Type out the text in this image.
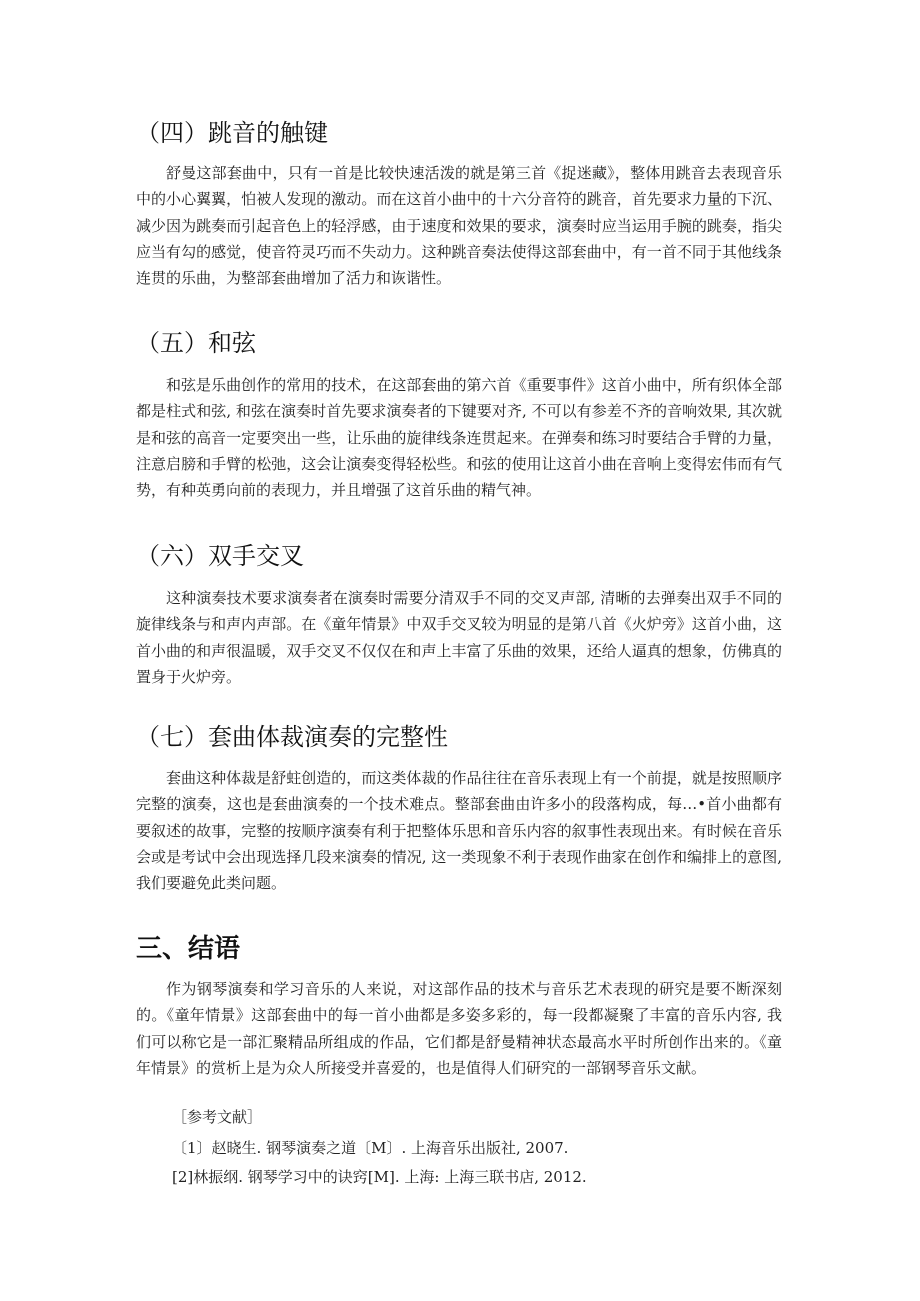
（四）跳音的触键

舒曼这部套曲中，只有一首是比较快速活泼的就是第三首《捉迷藏》，整体用跳音去表现音乐中的小心翼翼，怕被人发现的激动。而在这首小曲中的十六分音符的跳音，首先要求力量的下沉、减少因为跳奏而引起音色上的轻浮感，由于速度和效果的要求，演奏时应当运用手腕的跳奏，指尖应当有勾的感觉，使音符灵巧而不失动力。这种跳音奏法使得这部套曲中，有一首不同于其他线条连贯的乐曲，为整部套曲增加了活力和诙谐性。

（五）和弦

和弦是乐曲创作的常用的技术，在这部套曲的第六首《重要事件》这首小曲中，所有织体全部都是柱式和弦, 和弦在演奏时首先要求演奏者的下键要对齐, 不可以有参差不齐的音响效果, 其次就是和弦的高音一定要突出一些，让乐曲的旋律线条连贯起来。在弹奏和练习时要结合手臂的力量，注意启膀和手臂的松弛，这会让演奏变得轻松些。和弦的使用让这首小曲在音响上变得宏伟而有气势，有种英勇向前的表现力，并且增强了这首乐曲的精气神。

（六）双手交叉

这种演奏技术要求演奏者在演奏时需要分清双手不同的交叉声部, 清晰的去弹奏出双手不同的旋律线条与和声内声部。在《童年情景》中双手交叉较为明显的是第八首《火炉旁》这首小曲，这首小曲的和声很温暖，双手交叉不仅仅在和声上丰富了乐曲的效果，还给人逼真的想象，仿佛真的置身于火炉旁。

（七）套曲体裁演奏的完整性

套曲这种体裁是舒蛀创造的，而这类体裁的作品往往在音乐表现上有一个前提，就是按照顺序完整的演奏，这也是套曲演奏的一个技术难点。整部套曲由许多小的段落构成，每…•首小曲都有要叙述的故事，完整的按顺序演奏有利于把整体乐思和音乐内容的叙事性表现出来。有时候在音乐会或是考试中会出现选择几段来演奏的情况, 这一类现象不利于表现作曲家在创作和编排上的意图, 我们要避免此类问题。

三、结语

作为钢琴演奏和学习音乐的人来说，对这部作品的技术与音乐艺术表现的研究是要不断深刻的。《童年情景》这部套曲中的每一首小曲都是多姿多彩的，每一段都凝聚了丰富的音乐内容, 我们可以称它是一部汇聚精品所组成的作品，它们都是舒曼精神状态最高水平时所创作出来的。《童年情景》的赏析上是为众人所接受并喜爱的，也是值得人们研究的一部钢琴音乐文献。

［参考文献］

〔1〕赵晓生. 钢琴演奏之道〔M〕. 上海音乐出版社, 2007.

[2]林振纲. 钢琴学习中的诀窍[M]. 上海: 上海三联书店, 2012.
